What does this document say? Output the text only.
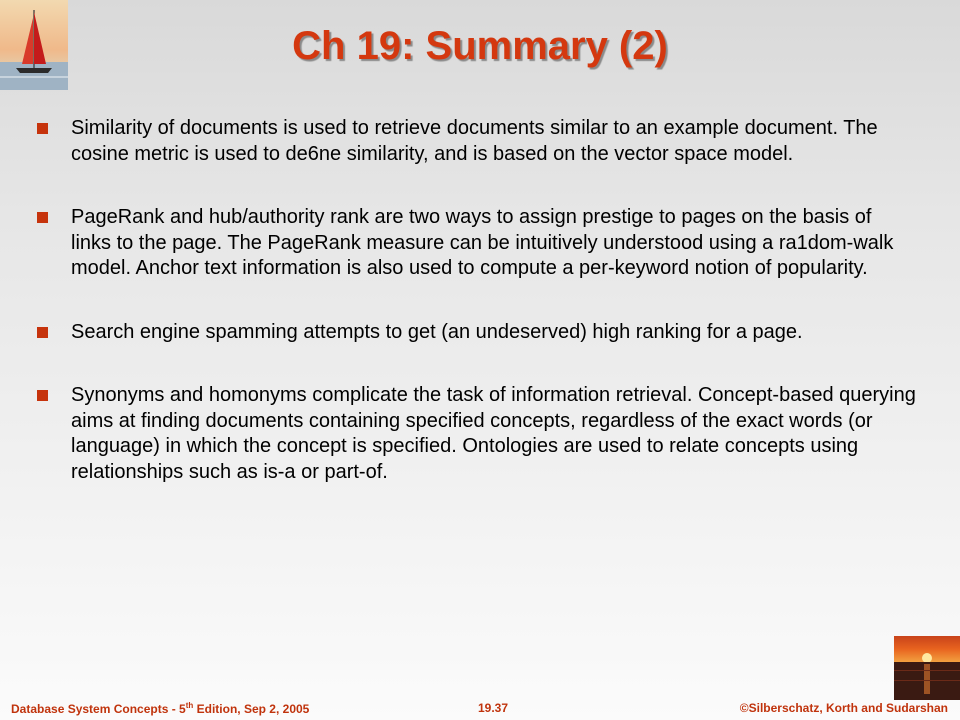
Ch 19: Summary (2)
Similarity of documents is used to retrieve documents similar to an example document. The cosine metric is used to de6ne similarity, and is based on the vector space model.
PageRank and hub/authority rank are two ways to assign prestige to pages on the basis of links to the page. The PageRank measure can be intuitively understood using a ra1dom-walk model. Anchor text information is also used to compute a per-keyword notion of popularity.
Search engine spamming attempts to get (an undeserved) high ranking for a page.
Synonyms and homonyms complicate the task of information retrieval. Concept-based querying aims at finding documents containing specified concepts, regardless of the exact words (or language) in which the concept is specified. Ontologies are used to relate concepts using relationships such as is-a or part-of.
Database System Concepts - 5th Edition, Sep 2, 2005	19.37	©Silberschatz, Korth and Sudarshan
